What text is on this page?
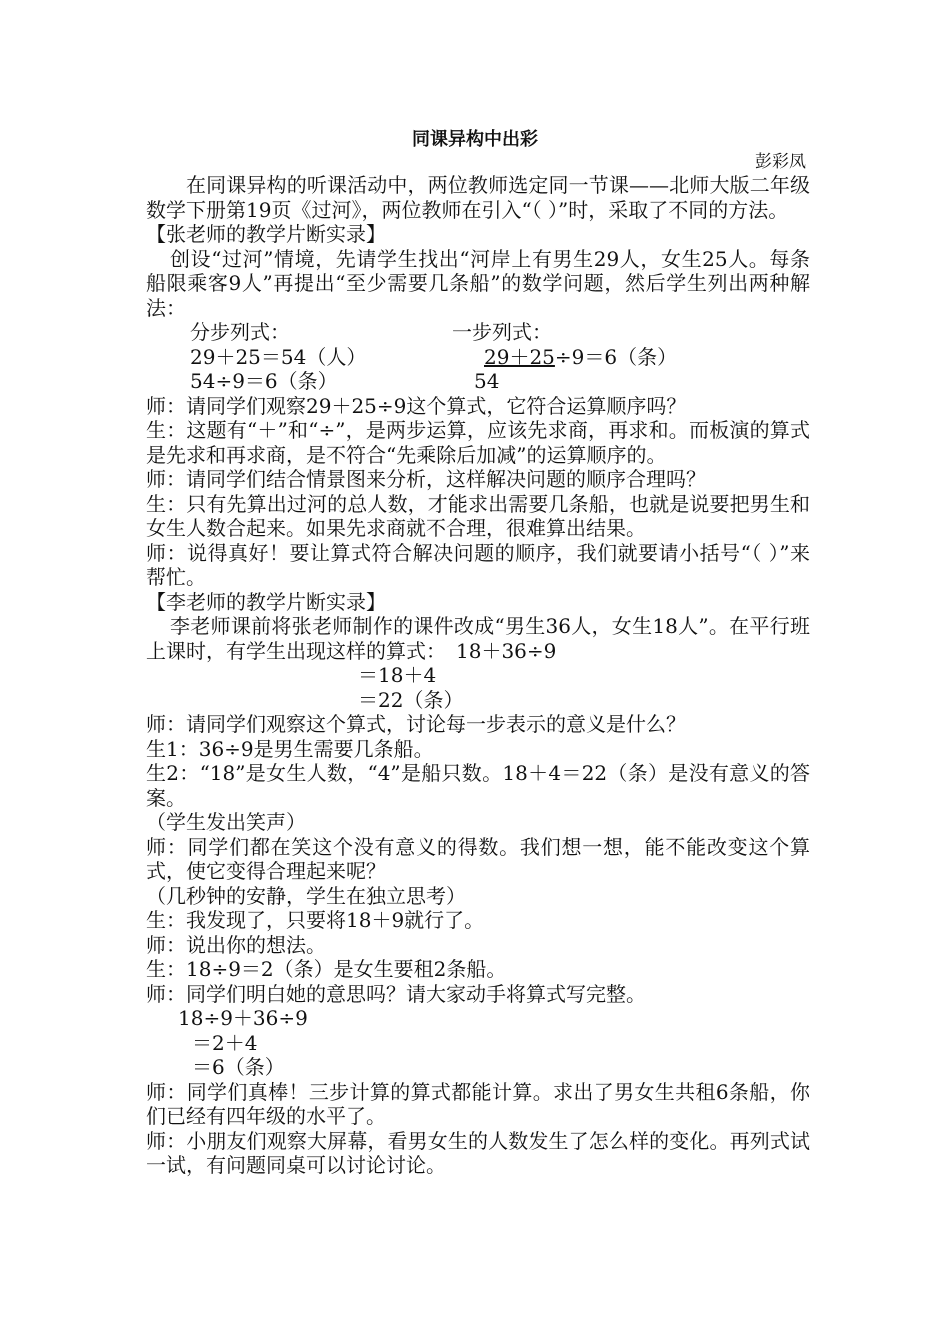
同课异构中出彩
彭彩凤

在同课异构的听课活动中，两位教师选定同一节课——北师大版二年级数学下册第19页《过河》，两位教师在引入“（ ）”时，采取了不同的方法。

【张老师的教学片断实录】

创设“过河”情境，先请学生找出“河岸上有男生29人，女生25人。每条船限乘客9人”再提出“至少需要几条船”的数学问题，然后学生列出两种解法：

分步列式：	一步列式：
29＋25＝54（人）	29＋25÷9＝6（条）
54÷9＝6（条）	54

师：请同学们观察29＋25÷9这个算式，它符合运算顺序吗？

生：这题有“＋”和“÷”，是两步运算，应该先求商，再求和。而板演的算式是先求和再求商，是不符合“先乘除后加减”的运算顺序的。

师：请同学们结合情景图来分析，这样解决问题的顺序合理吗？

生：只有先算出过河的总人数，才能求出需要几条船，也就是说要把男生和女生人数合起来。如果先求商就不合理，很难算出结果。

师：说得真好！要让算式符合解决问题的顺序，我们就要请小括号“（ ）”来帮忙。

【李老师的教学片断实录】

李老师课前将张老师制作的课件改成“男生36人，女生18人”。在平行班上课时，有学生出现这样的算式：　18＋36÷9

＝18＋4
＝22（条）

师：请同学们观察这个算式，讨论每一步表示的意义是什么？

生1：36÷9是男生需要几条船。

生2：“18”是女生人数，“4”是船只数。18＋4＝22（条）是没有意义的答案。

（学生发出笑声）

师：同学们都在笑这个没有意义的得数。我们想一想，能不能改变这个算式，使它变得合理起来呢？

（几秒钟的安静，学生在独立思考）

生：我发现了，只要将18＋9就行了。

师：说出你的想法。

生：18÷9＝2（条）是女生要租2条船。

师：同学们明白她的意思吗？请大家动手将算式写完整。

18÷9＋36÷9
＝2＋4
＝6（条）

师：同学们真棒！三步计算的算式都能计算。求出了男女生共租6条船，你们已经有四年级的水平了。

师：小朋友们观察大屏幕，看男女生的人数发生了怎么样的变化。再列式试一试，有问题同桌可以讨论讨论。
